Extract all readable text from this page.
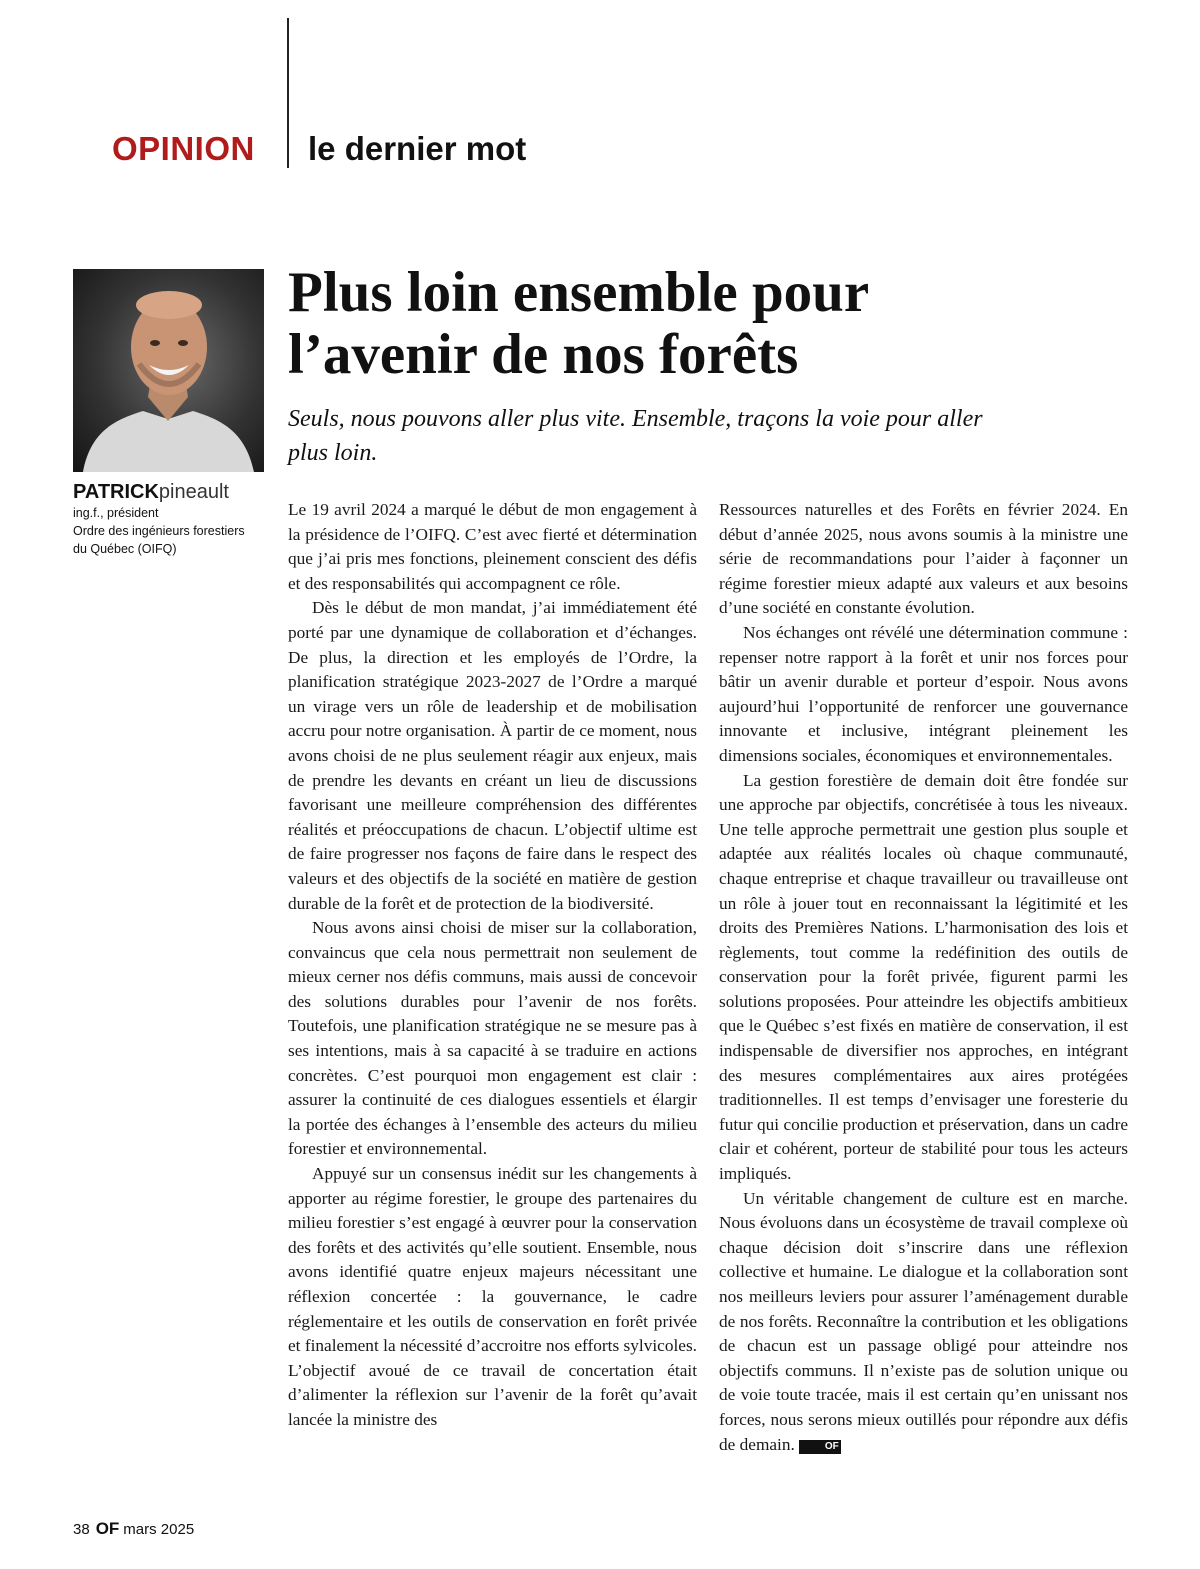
OPINION le dernier mot
PATRICKpineault
ing.f., président
Ordre des ingénieurs forestiers
du Québec (OIFQ)
Plus loin ensemble pour
l’avenir de nos forêts
Seuls, nous pouvons aller plus vite. Ensemble, traçons la voie pour aller
plus loin.

Le 19 avril 2024 a marqué le début de mon engagement à la présidence de l’OIFQ. C’est avec fierté et détermination que j’ai pris mes fonctions, pleinement conscient des défis et des responsabilités qui accompagnent ce rôle.

Dès le début de mon mandat, j’ai immédiatement été porté par une dynamique de collaboration et d’échanges. De plus, la direction et les employés de l’Ordre, la planification stratégique 2023-2027 de l’Ordre a marqué un virage vers un rôle de leadership et de mobilisation accru pour notre organisation. À partir de ce moment, nous avons choisi de ne plus seulement réagir aux enjeux, mais de prendre les devants en créant un lieu de discussions favorisant une meilleure compréhension des différentes réalités et préoccupations de chacun. L’objectif ultime est de faire progresser nos façons de faire dans le respect des valeurs et des objectifs de la société en matière de gestion durable de la forêt et de protection de la biodiversité.

Nous avons ainsi choisi de miser sur la collaboration, convaincus que cela nous permettrait non seulement de mieux cerner nos défis communs, mais aussi de concevoir des solutions durables pour l’avenir de nos forêts. Toutefois, une planification stratégique ne se mesure pas à ses intentions, mais à sa capacité à se traduire en actions concrètes. C’est pourquoi mon engagement est clair : assurer la continuité de ces dialogues essentiels et élargir la portée des échanges à l’ensemble des acteurs du milieu forestier et environnemental.

Appuyé sur un consensus inédit sur les changements à apporter au régime forestier, le groupe des partenaires du milieu forestier s’est engagé à œuvrer pour la conservation des forêts et des activités qu’elle soutient. Ensemble, nous avons identifié quatre enjeux majeurs nécessitant une réflexion concertée : la gouvernance, le cadre réglementaire et les outils de conservation en forêt privée et finalement la nécessité d’accroitre nos efforts sylvicoles. L’objectif avoué de ce travail de concertation était d’alimenter la réflexion sur l’avenir de la forêt qu’avait lancée la ministre des

Ressources naturelles et des Forêts en février 2024. En début d’année 2025, nous avons soumis à la ministre une série de recommandations pour l’aider à façonner un régime forestier mieux adapté aux valeurs et aux besoins d’une société en constante évolution.

Nos échanges ont révélé une détermination commune : repenser notre rapport à la forêt et unir nos forces pour bâtir un avenir durable et porteur d’espoir. Nous avons aujourd’hui l’opportunité de renforcer une gouvernance innovante et inclusive, intégrant pleinement les dimensions sociales, économiques et environnementales.

La gestion forestière de demain doit être fondée sur une approche par objectifs, concrétisée à tous les niveaux. Une telle approche permettrait une gestion plus souple et adaptée aux réalités locales où chaque communauté, chaque entreprise et chaque travailleur ou travailleuse ont un rôle à jouer tout en reconnaissant la légitimité et les droits des Premières Nations. L’harmonisation des lois et règlements, tout comme la redéfinition des outils de conservation pour la forêt privée, figurent parmi les solutions proposées. Pour atteindre les objectifs ambitieux que le Québec s’est fixés en matière de conservation, il est indispensable de diversifier nos approches, en intégrant des mesures complémentaires aux aires protégées traditionnelles. Il est temps d’envisager une foresterie du futur qui concilie production et préservation, dans un cadre clair et cohérent, porteur de stabilité pour tous les acteurs impliqués.

Un véritable changement de culture est en marche. Nous évoluons dans un écosystème de travail complexe où chaque décision doit s’inscrire dans une réflexion collective et humaine. Le dialogue et la collaboration sont nos meilleurs leviers pour assurer l’aménagement durable de nos forêts. Reconnaître la contribution et les obligations de chacun est un passage obligé pour atteindre nos objectifs communs. Il n’existe pas de solution unique ou de voie toute tracée, mais il est certain qu’en unissant nos forces, nous serons mieux outillés pour répondre aux défis de demain.	OF

38 OF mars 2025
